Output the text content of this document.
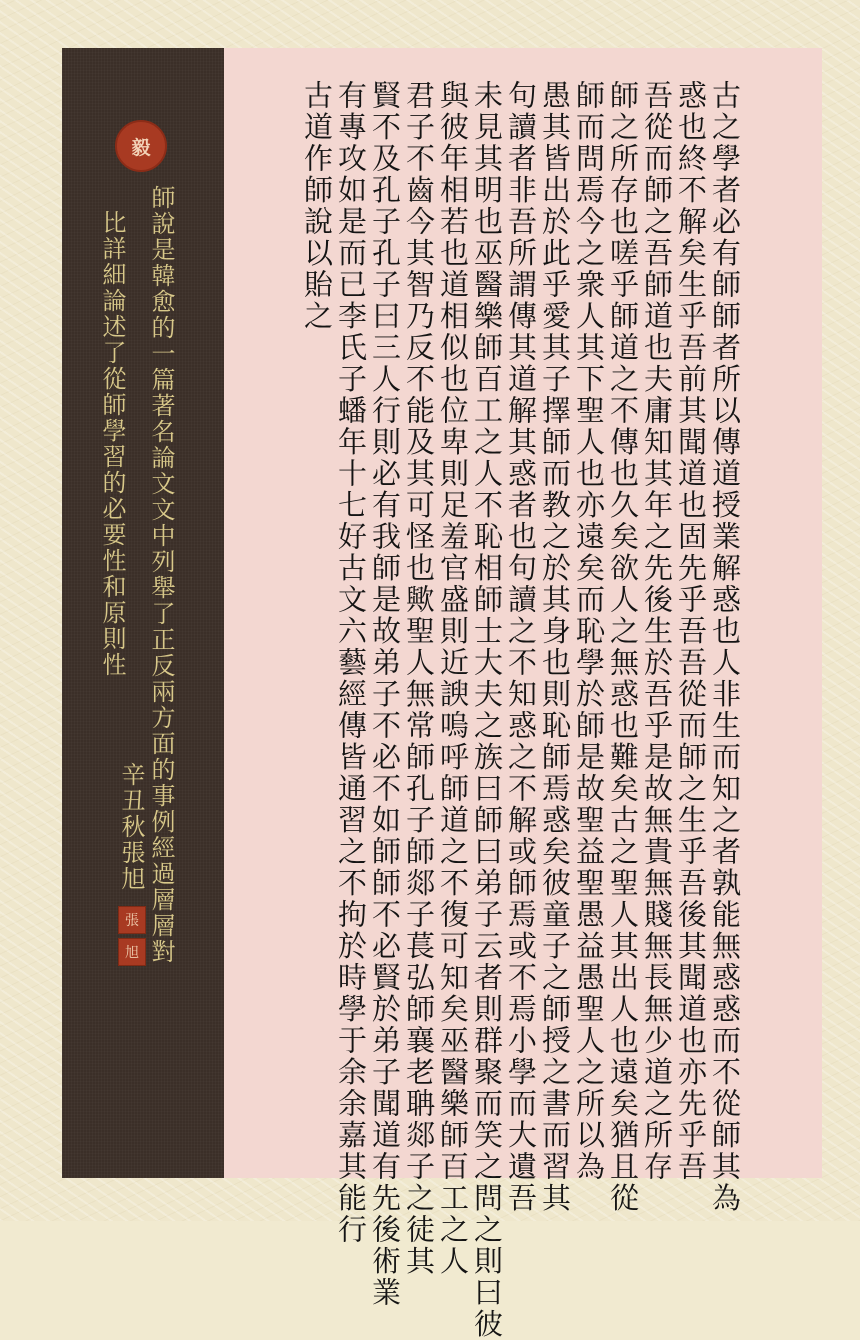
古之學者必有師師者所以傳道授業解惑也人非生而知之者孰能無惑惑而不從師其為
惑也終不解矣生乎吾前其聞道也固先乎吾吾從而師之生乎吾後其聞道也亦先乎吾
吾從而師之吾師道也夫庸知其年之先後生於吾乎是故無貴無賤無長無少道之所存
師之所存也嗟乎師道之不傳也久矣欲人之無惑也難矣古之聖人其出人也遠矣猶且從
師而問焉今之衆人其下聖人也亦遠矣而恥學於師是故聖益聖愚益愚聖人之所以為
愚其皆出於此乎愛其子擇師而教之於其身也則恥師焉惑矣彼童子之師授之書而習其
句讀者非吾所謂傳其道解其惑者也句讀之不知惑之不解或師焉或不焉小學而大遺吾
未見其明也巫醫樂師百工之人不恥相師士大夫之族曰師曰弟子云者則群聚而笑之問之則曰彼
與彼年相若也道相似也位卑則足羞官盛則近諛嗚呼師道之不復可知矣巫醫樂師百工之人
君子不齒今其智乃反不能及其可怪也歟聖人無常師孔子師郯子萇弘師襄老聃郯子之徒其
賢不及孔子孔子曰三人行則必有我師是故弟子不必不如師師不必賢於弟子聞道有先後術業
有專攻如是而已李氏子蟠年十七好古文六藝經傳皆通習之不拘於時學于余余嘉其能行
古道作師說以貽之
師說是韓愈的一篇著名論文文中列舉了正反兩方面的事例經過層層對
比詳細論述了從師學習的必要性和原則性
辛丑秋張旭
毅
張
旭
